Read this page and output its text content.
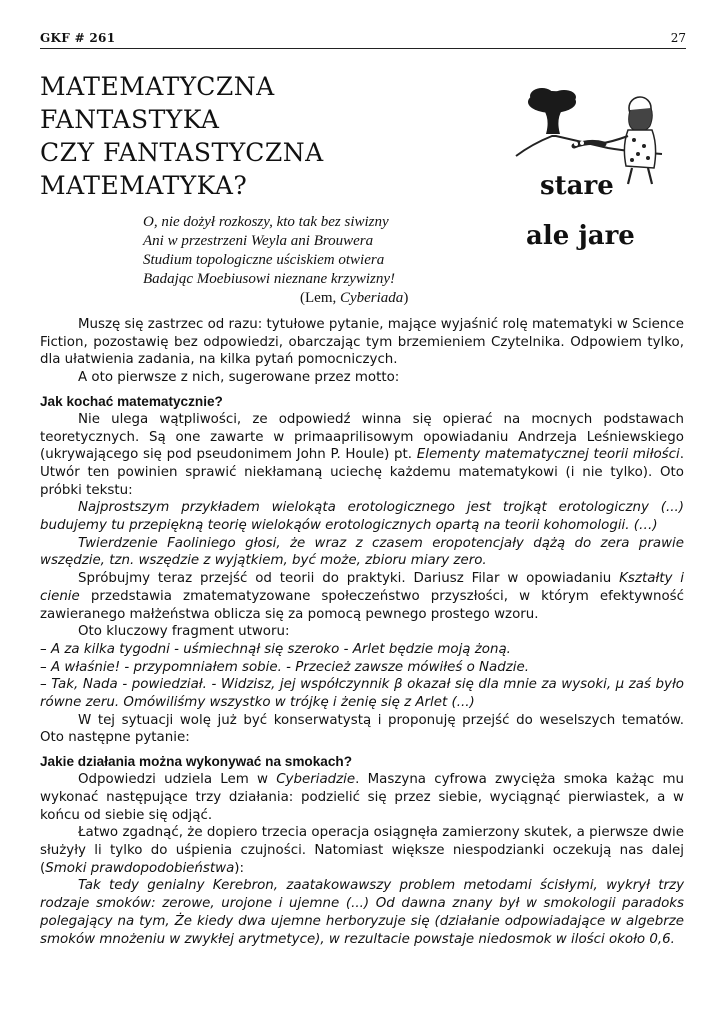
GKF # 261	27
MATEMATYCZNA
FANTASTYKA
CZY FANTASTYCZNA
MATEMATYKA?
O, nie dożył rozkoszy, kto tak bez siwizny
Ani w przestrzeni Weyla ani Brouwera
Studium topologiczne uściskiem otwiera
Badając Moebiusowi nieznane krzywizny!
(Lem, Cyberiada)
stare
ale jare

Muszę się zastrzec od razu: tytułowe pytanie, mające wyjaśnić rolę matematyki w Science Fiction, pozostawię bez odpowiedzi, obarczając tym brzemieniem Czytelnika. Odpowiem tylko, dla ułatwienia zadania, na kilka pytań pomocniczych.

A oto pierwsze z nich, sugerowane przez motto:

Jak kochać matematycznie?

Nie ulega wątpliwości, ze odpowiedź winna się opierać na mocnych podstawach teoretycznych. Są one zawarte w primaaprilisowym opowiadaniu Andrzeja Leśniewskiego (ukrywającego się pod pseudonimem John P. Houle) pt. Elementy matematycznej teorii miłości. Utwór ten powinien sprawić niekłamaną uciechę każdemu matematykowi (i nie tylko). Oto próbki tekstu:

Najprostszym przykładem wielokąta erotologicznego jest trojkąt erotologiczny (...) budujemy tu przepiękną teorię wielokąów erotologicznych opartą na teorii kohomologii. (…)

Twierdzenie Faoliniego głosi, że wraz z czasem eropotencjały dążą do zera prawie wszędzie, tzn. wszędzie z wyjątkiem, być może, zbioru miary zero.

Spróbujmy teraz przejść od teorii do praktyki. Dariusz Filar w opowiadaniu Kształty i cienie przedstawia zmatematyzowane społeczeństwo przyszłości, w którym efektywność zawieranego małżeństwa oblicza się za pomocą pewnego prostego wzoru.

Oto kluczowy fragment utworu:

– A za kilka tygodni - uśmiechnął się szeroko - Arlet będzie moją żoną.

– A właśnie! - przypomniałem sobie. - Przecież zawsze mówiłeś o Nadzie.

– Tak, Nada - powiedział. - Widzisz, jej współczynnik β okazał się dla mnie za wysoki, μ zaś było równe zeru. Omówiliśmy wszystko w trójkę i żenię się z Arlet (...)

W tej sytuacji wolę już być konserwatystą i proponuję przejść do weselszych tematów. Oto następne pytanie:

Jakie działania można wykonywać na smokach?

Odpowiedzi udziela Lem w Cyberiadzie. Maszyna cyfrowa zwycięża smoka każąc mu wykonać następujące trzy działania: podzielić się przez siebie, wyciągnąć pierwiastek, a w końcu od siebie się odjąć.

Łatwo zgadnąć, że dopiero trzecia operacja osiągnęła zamierzony skutek, a pierwsze dwie służyły li tylko do uśpienia czujności. Natomiast większe niespodzianki oczekują nas dalej (Smoki prawdopodobieństwa):

Tak tedy genialny Kerebron, zaatakowawszy problem metodami ścisłymi, wykrył trzy rodzaje smoków: zerowe, urojone i ujemne (...) Od dawna znany był w smokologii paradoks polegający na tym, Że kiedy dwa ujemne herboryzuje się (działanie odpowiadające w algebrze smoków mnożeniu w zwykłej arytmetyce), w rezultacie powstaje niedosmok w ilości około 0,6.
